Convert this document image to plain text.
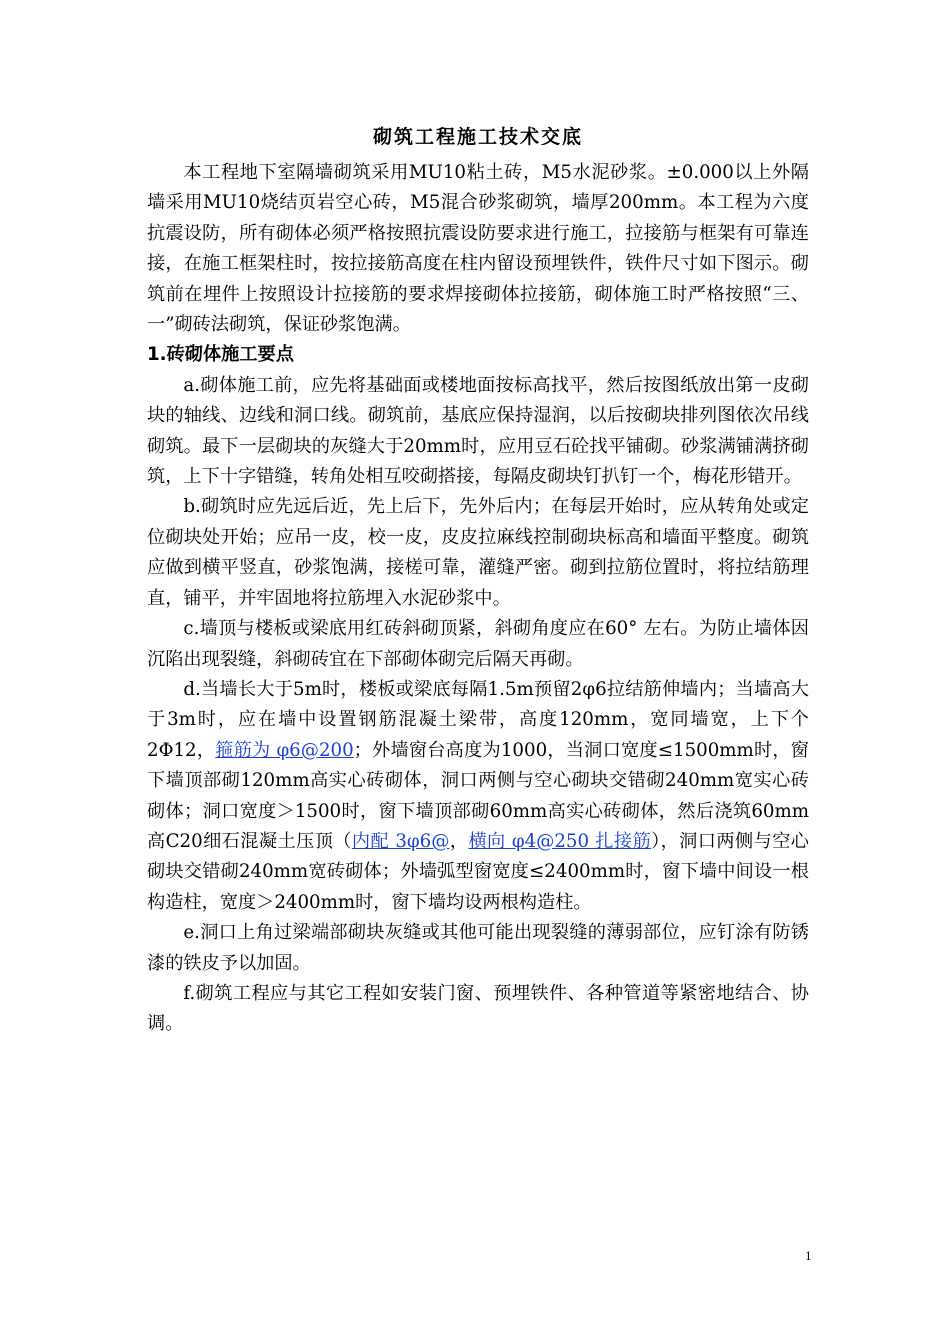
砌筑工程施工技术交底

本工程地下室隔墙砌筑采用MU10粘土砖，M5水泥砂浆。±0.000以上外隔墙采用MU10烧结页岩空心砖，M5混合砂浆砌筑，墙厚200mm。本工程为六度抗震设防，所有砌体必须严格按照抗震设防要求进行施工，拉接筋与框架有可靠连接，在施工框架柱时，按拉接筋高度在柱内留设预埋铁件，铁件尺寸如下图示。砌筑前在埋件上按照设计拉接筋的要求焊接砌体拉接筋，砌体施工时严格按照“三、一”砌砖法砌筑，保证砂浆饱满。

1.砖砌体施工要点

a.砌体施工前，应先将基础面或楼地面按标高找平，然后按图纸放出第一皮砌块的轴线、边线和洞口线。砌筑前，基底应保持湿润，以后按砌块排列图依次吊线砌筑。最下一层砌块的灰缝大于20mm时，应用豆石砼找平铺砌。砂浆满铺满挤砌筑，上下十字错缝，转角处相互咬砌搭接，每隔皮砌块钉扒钉一个，梅花形错开。

b.砌筑时应先远后近，先上后下，先外后内；在每层开始时，应从转角处或定位砌块处开始；应吊一皮，校一皮，皮皮拉麻线控制砌块标高和墙面平整度。砌筑应做到横平竖直，砂浆饱满，接槎可靠，灌缝严密。砌到拉筋位置时，将拉结筋理直，铺平，并牢固地将拉筋埋入水泥砂浆中。

c.墙顶与楼板或梁底用红砖斜砌顶紧，斜砌角度应在60° 左右。为防止墙体因沉陷出现裂缝，斜砌砖宜在下部砌体砌完后隔天再砌。

d.当墙长大于5m时，楼板或梁底每隔1.5m预留2φ6拉结筋伸墙内；当墙高大于3m时，应在墙中设置钢筋混凝土梁带，高度120mm，宽同墙宽，上下个2Φ12，箍筋为 φ6@200；外墙窗台高度为1000，当洞口宽度≤1500mm时，窗下墙顶部砌120mm高实心砖砌体，洞口两侧与空心砌块交错砌240mm宽实心砖砌体；洞口宽度＞1500时，窗下墙顶部砌60mm高实心砖砌体，然后浇筑60mm高C20细石混凝土压顶（内配 3φ6@，横向 φ4@250 扎接筋），洞口两侧与空心砌块交错砌240mm宽砖砌体；外墙弧型窗宽度≤2400mm时，窗下墙中间设一根构造柱，宽度＞2400mm时，窗下墙均设两根构造柱。

e.洞口上角过梁端部砌块灰缝或其他可能出现裂缝的薄弱部位，应钉涂有防锈漆的铁皮予以加固。

f.砌筑工程应与其它工程如安装门窗、预埋铁件、各种管道等紧密地结合、协调。

1
